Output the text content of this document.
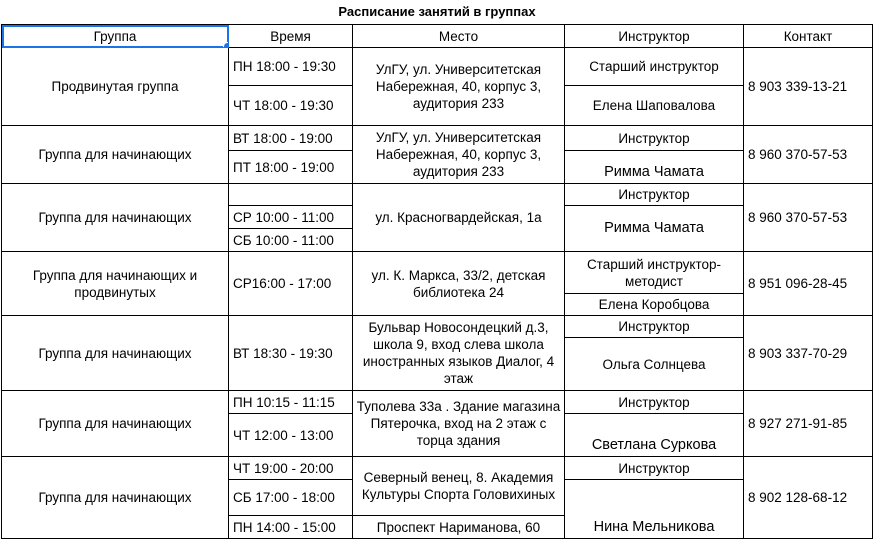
Расписание занятий в группах
Группа	Время	Место	Инструктор	Контакт
Продвинутая группа	ПН 18:00 - 19:30	УлГУ, ул. Университетская Набережная, 40, корпус 3, аудитория 233	Старший инструктор	8 903 339-13-21
	ЧТ 18:00 - 19:30		Елена Шаповалова	
Группа для начинающих	ВТ 18:00 - 19:00	УлГУ, ул. Университетская Набережная, 40, корпус 3, аудитория 233	Инструктор	8 960 370-57-53
	ПТ 18:00 - 19:00		Римма Чамата	
Группа для начинающих		ул. Красногвардейская, 1а	Инструктор	8 960 370-57-53
	СР 10:00 - 11:00		Римма Чамата	
	СБ 10:00 - 11:00			
Группа для начинающих и продвинутых	СР16:00 - 17:00	ул. К. Маркса, 33/2, детская библиотека 24	Старший инструктор-методист	8 951 096-28-45
			Елена Коробцова	
Группа для начинающих	ВТ 18:30 - 19:30	Бульвар Новосондецкий д.3, школа 9, вход слева школа иностранных языков Диалог, 4 этаж	Инструктор	8 903 337-70-29
			Ольга Солнцева	
Группа для начинающих	ПН 10:15 - 11:15	Туполева 33а . Здание магазина Пятерочка, вход на 2 этаж с торца здания	Инструктор	8 927 271-91-85
	ЧТ 12:00 - 13:00		Светлана Суркова	
Группа для начинающих	ЧТ 19:00 - 20:00	Северный венец, 8. Академия Культуры Спорта Головихиных	Инструктор	8 902 128-68-12
	СБ 17:00 - 18:00		Нина Мельникова	
	ПН 14:00 - 15:00	Проспект Нариманова, 60		
